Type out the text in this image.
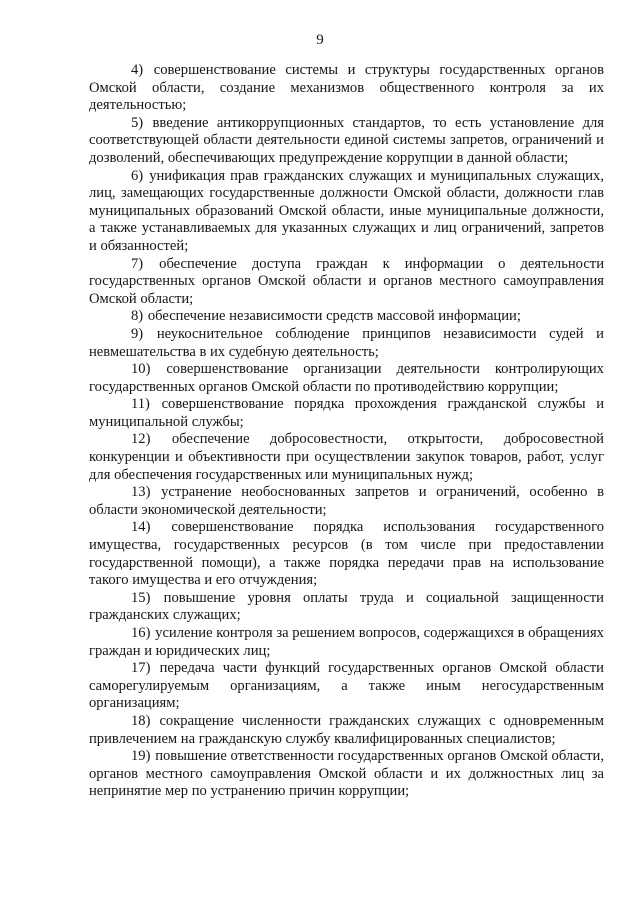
9

4) совершенствование системы и структуры государственных органов Омской области, создание механизмов общественного контроля за их деятельностью;

5) введение антикоррупционных стандартов, то есть установление для соответствующей области деятельности единой системы запретов, ограничений и дозволений, обеспечивающих предупреждение коррупции в данной области;

6) унификация прав гражданских служащих и муниципальных служащих, лиц, замещающих государственные должности Омской области, должности глав муниципальных образований Омской области, иные муниципальные должности, а также устанавливаемых для указанных служащих и лиц ограничений, запретов и обязанностей;

7) обеспечение доступа граждан к информации о деятельности государственных органов Омской области и органов местного самоуправления Омской области;

8) обеспечение независимости средств массовой информации;

9) неукоснительное соблюдение принципов независимости судей и невмешательства в их судебную деятельность;

10) совершенствование организации деятельности контролирующих государственных органов Омской области по противодействию коррупции;

11) совершенствование порядка прохождения гражданской службы и муниципальной службы;

12) обеспечение добросовестности, открытости, добросовестной конкуренции и объективности при осуществлении закупок товаров, работ, услуг для обеспечения государственных или муниципальных нужд;

13) устранение необоснованных запретов и ограничений, особенно в области экономической деятельности;

14) совершенствование порядка использования государственного имущества, государственных ресурсов (в том числе при предоставлении государственной помощи), а также порядка передачи прав на использование такого имущества и его отчуждения;

15) повышение уровня оплаты труда и социальной защищенности гражданских служащих;

16) усиление контроля за решением вопросов, содержащихся в обращениях граждан и юридических лиц;

17) передача части функций государственных органов Омской области саморегулируемым организациям, а также иным негосударственным организациям;

18) сокращение численности гражданских служащих с одновременным привлечением на гражданскую службу квалифицированных специалистов;

19) повышение ответственности государственных органов Омской области, органов местного самоуправления Омской области и их должностных лиц за непринятие мер по устранению причин коррупции;
